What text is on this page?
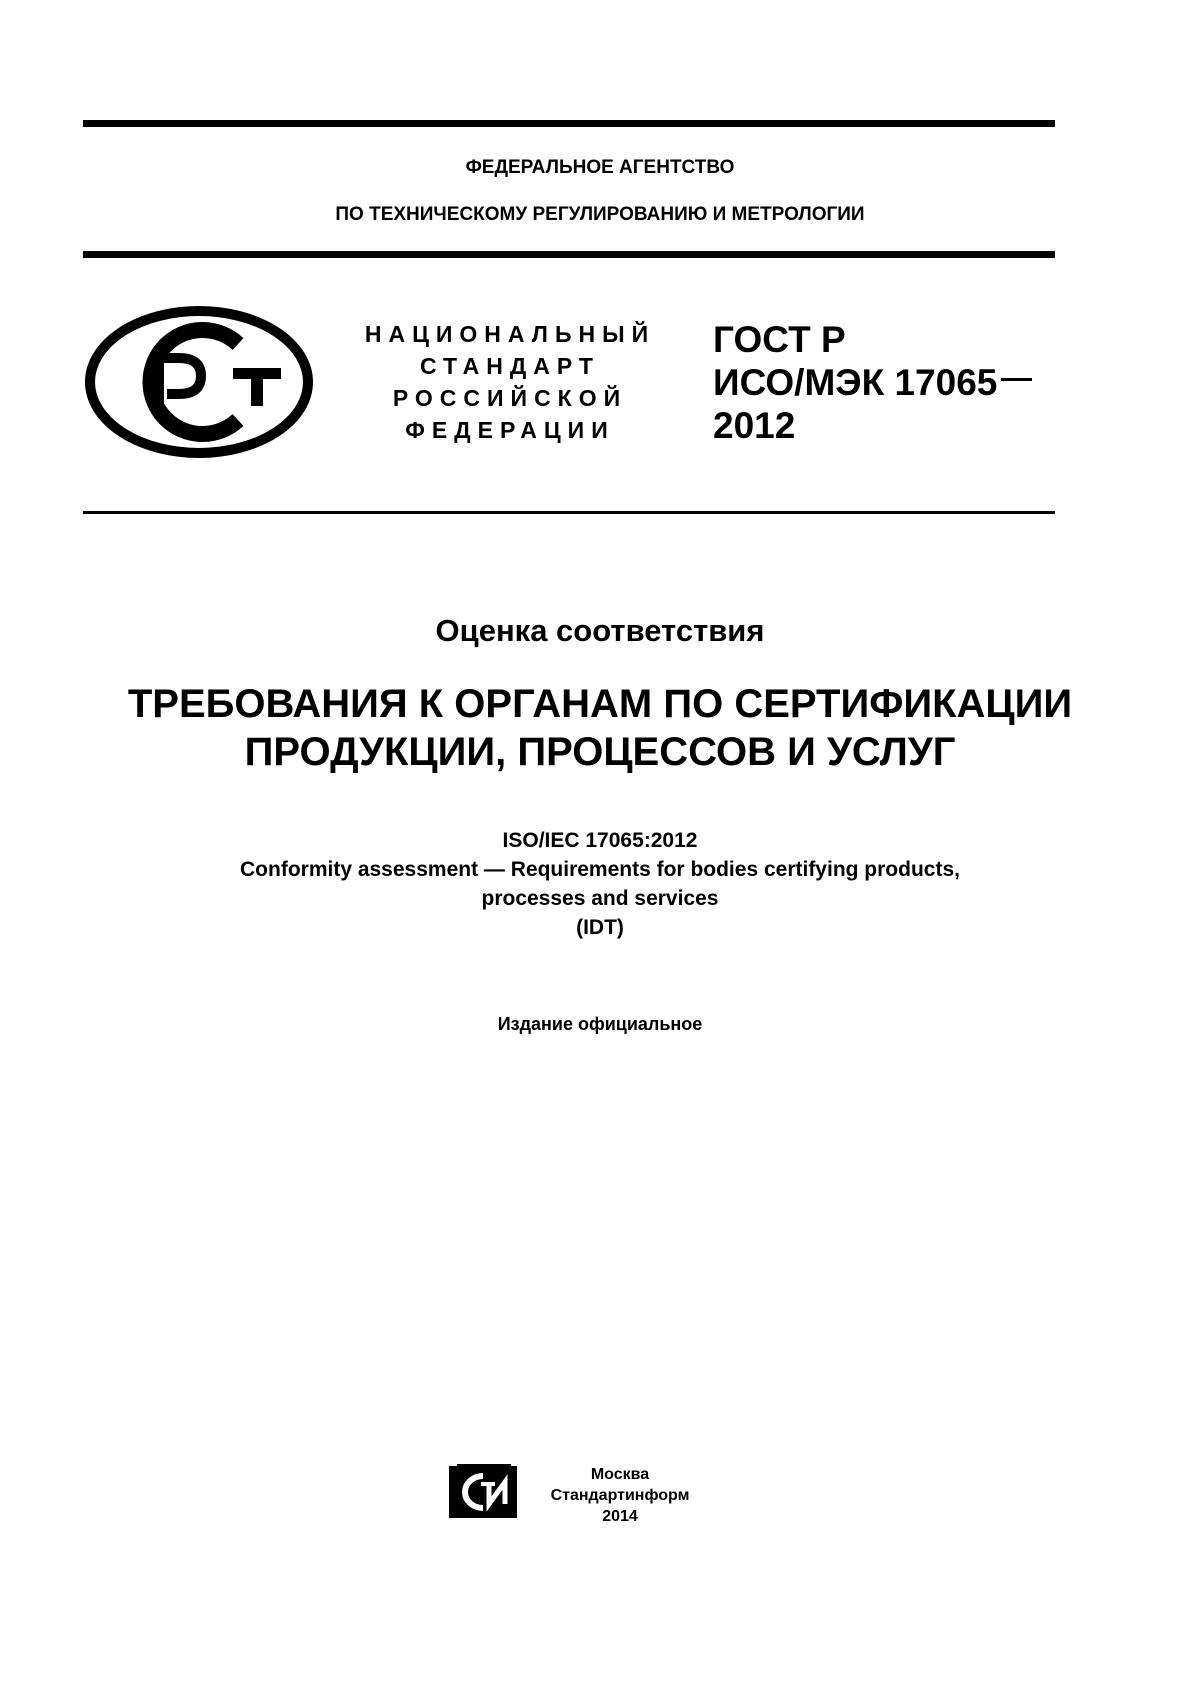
ФЕДЕРАЛЬНОЕ АГЕНТСТВО
ПО ТЕХНИЧЕСКОМУ РЕГУЛИРОВАНИЮ И МЕТРОЛОГИИ
НАЦИОНАЛЬНЫЙ
СТАНДАРТ
РОССИЙСКОЙ
ФЕДЕРАЦИИ
ГОСТ Р
ИСО/МЭК 17065
2012
Оценка соответствия
ТРЕБОВАНИЯ К ОРГАНАМ ПО СЕРТИФИКАЦИИ
ПРОДУКЦИИ, ПРОЦЕССОВ И УСЛУГ
ISO/IEC 17065:2012
Conformity assessment — Requirements for bodies certifying products,
processes and services
(IDT)
Издание официальное
Москва
Стандартинформ
2014
